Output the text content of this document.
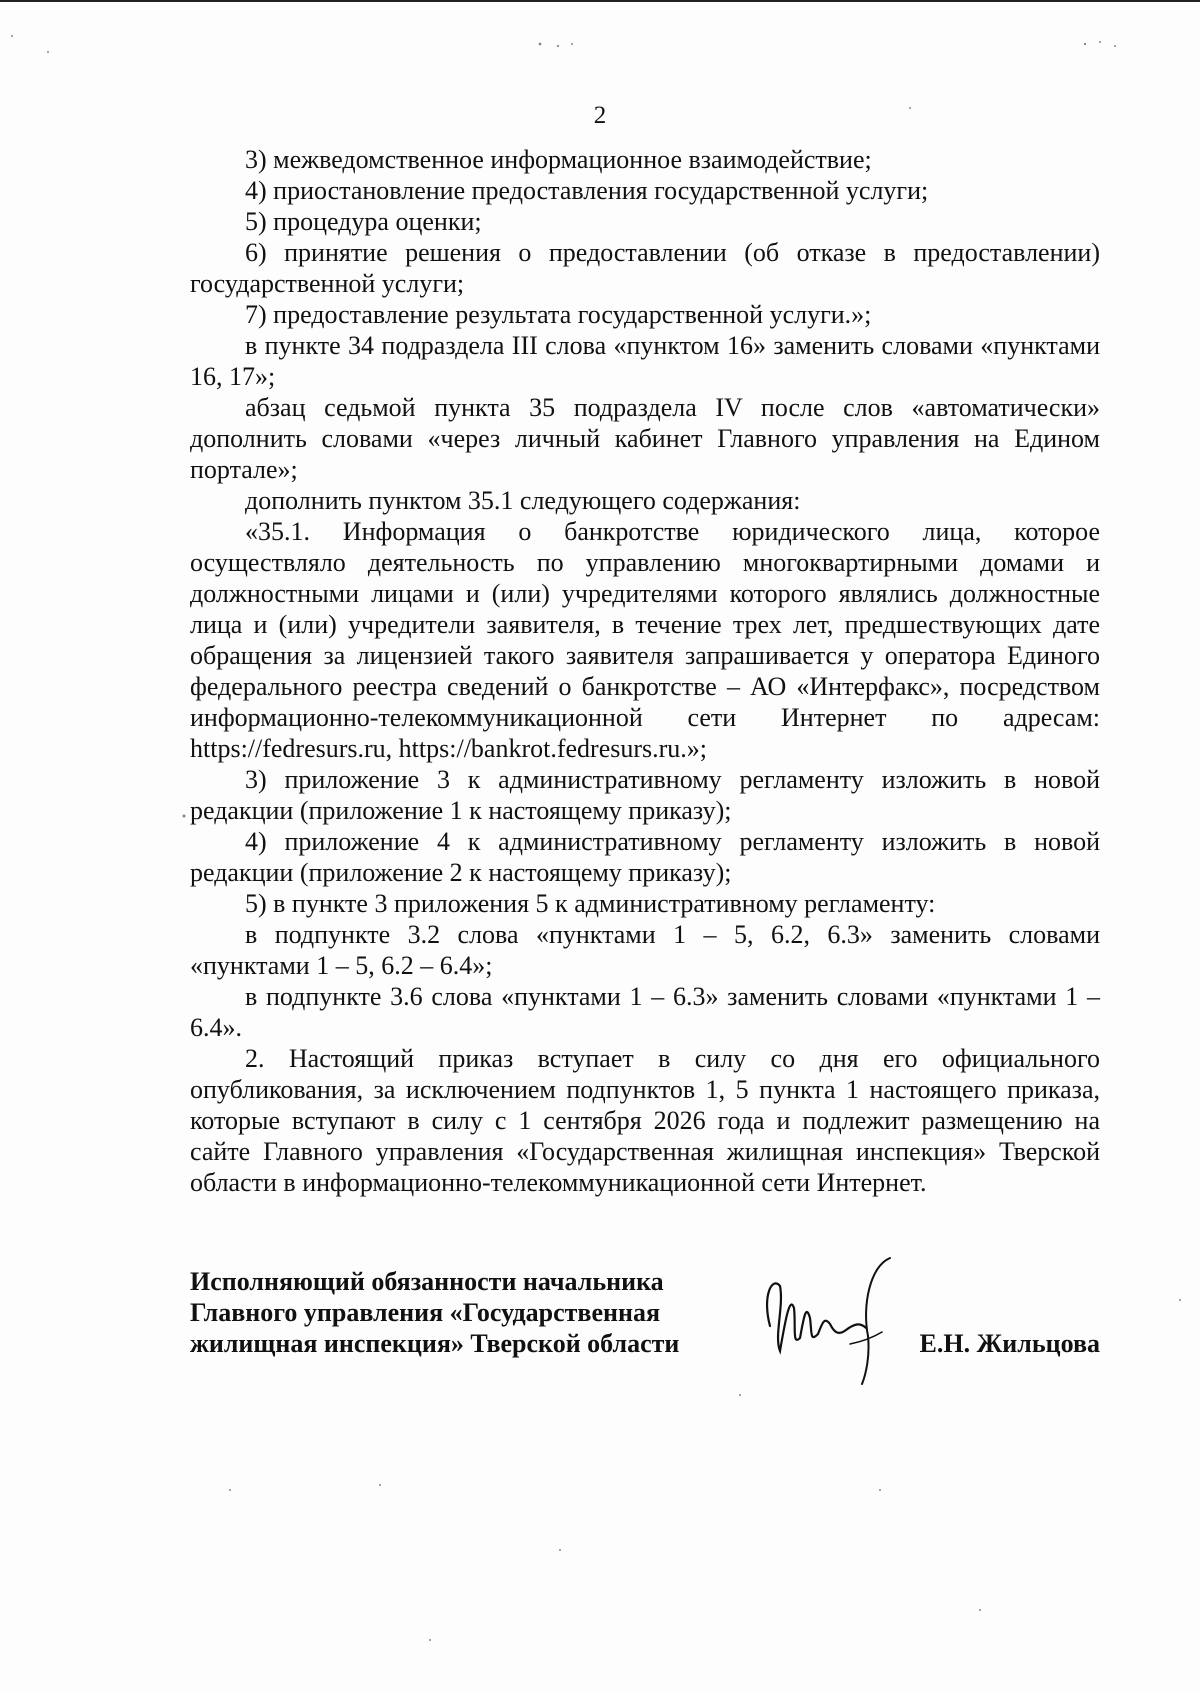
2

3) межведомственное информационное взаимодействие;

4) приостановление предоставления государственной услуги;

5) процедура оценки;

6) принятие решения о предоставлении (об отказе в предоставлении) государственной услуги;

7) предоставление результата государственной услуги.»;

в пункте 34 подраздела III слова «пунктом 16» заменить словами «пунктами 16, 17»;

абзац седьмой пункта 35 подраздела IV после слов «автоматически» дополнить словами «через личный кабинет Главного управления на Едином портале»;

дополнить пунктом 35.1 следующего содержания:

«35.1. Информация о банкротстве юридического лица, которое осуществляло деятельность по управлению многоквартирными домами и должностными лицами и (или) учредителями которого являлись должностные лица и (или) учредители заявителя, в течение трех лет, предшествующих дате обращения за лицензией такого заявителя запрашивается у оператора Единого федерального реестра сведений о банкротстве – АО «Интерфакс», посредством информационно-телекоммуникационной сети Интернет по адресам: https://fedresurs.ru, https://bankrot.fedresurs.ru.»;

3) приложение 3 к административному регламенту изложить в новой редакции (приложение 1 к настоящему приказу);

4) приложение 4 к административному регламенту изложить в новой редакции (приложение 2 к настоящему приказу);

5) в пункте 3 приложения 5 к административному регламенту:

в подпункте 3.2 слова «пунктами 1 – 5, 6.2, 6.3» заменить словами «пунктами 1 – 5, 6.2 – 6.4»;

в подпункте 3.6 слова «пунктами 1 – 6.3» заменить словами «пунктами 1 – 6.4».

2. Настоящий приказ вступает в силу со дня его официального опубликования, за исключением подпунктов 1, 5 пункта 1 настоящего приказа, которые вступают в силу с 1 сентября 2026 года и подлежит размещению на сайте Главного управления «Государственная жилищная инспекция» Тверской области в информационно-телекоммуникационной сети Интернет.

Исполняющий обязанности начальника
Главного управления «Государственная
жилищная инспекция» Тверской области	Е.Н. Жильцова
